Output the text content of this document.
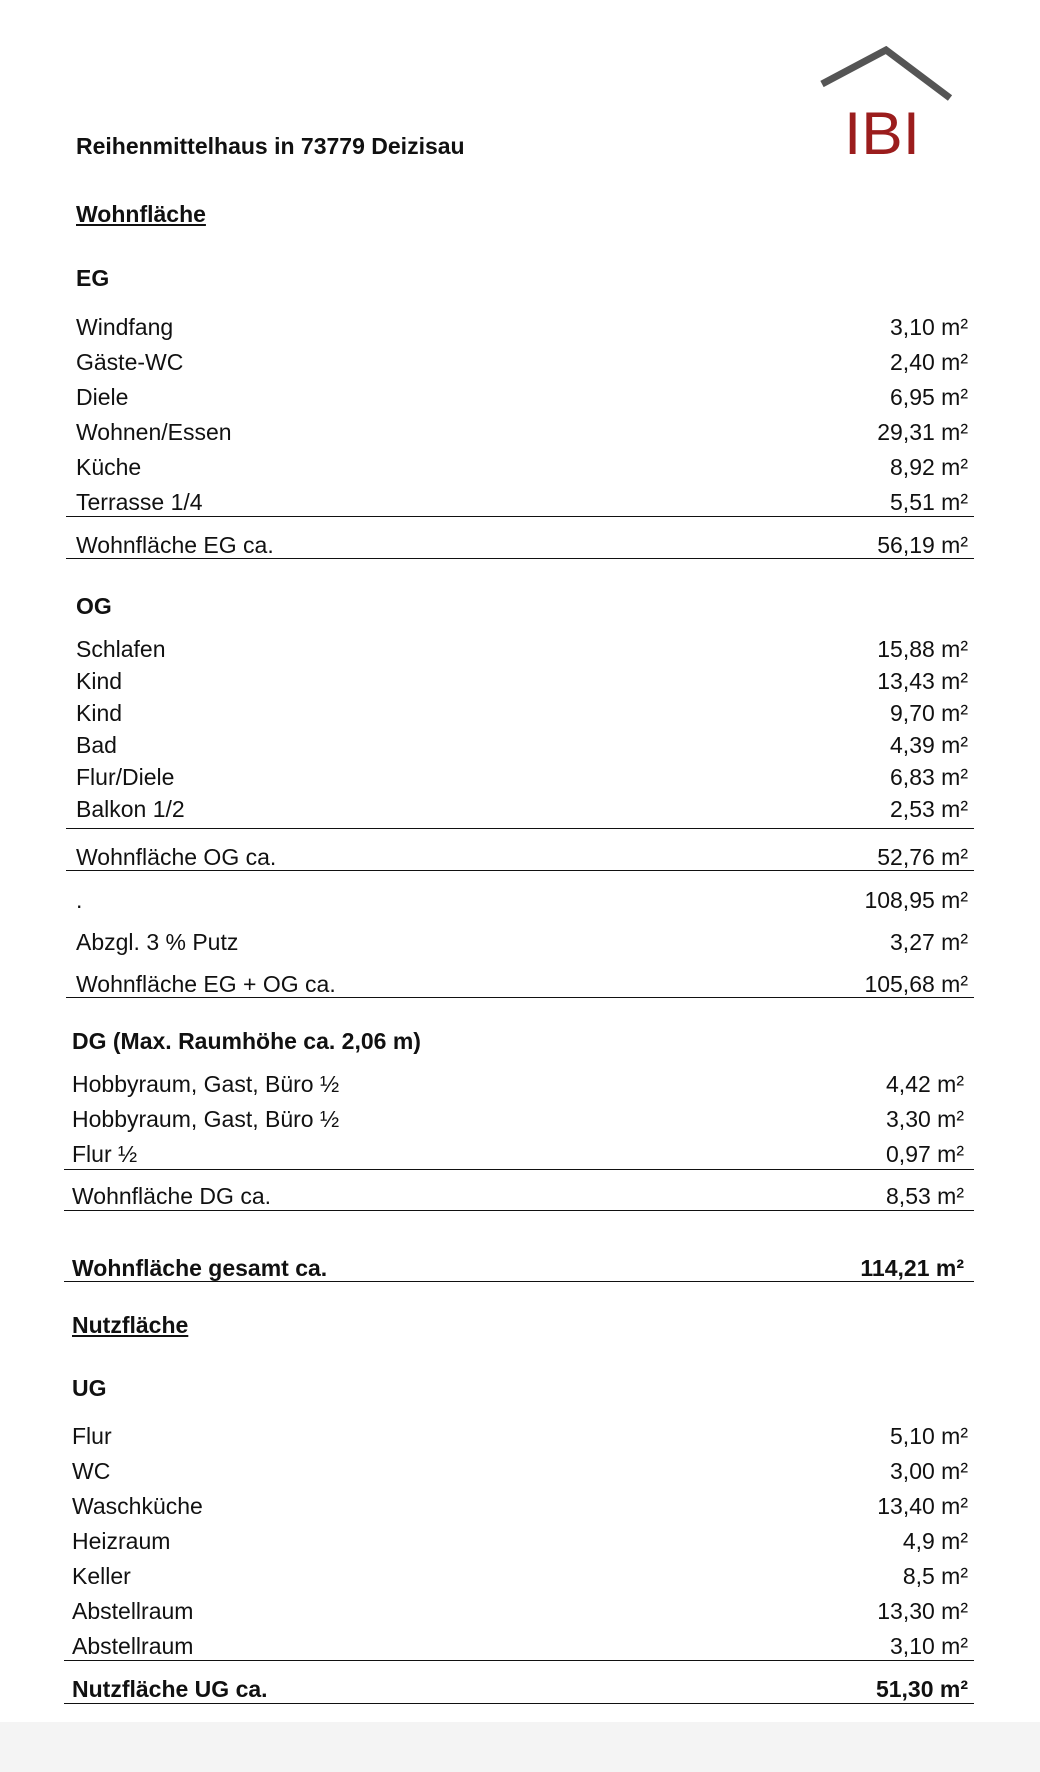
IBI
Reihenmittelhaus in 73779 Deizisau
Wohnfläche
EG
Windfang	3,10 m²
Gäste-WC	2,40 m²
Diele	6,95 m²
Wohnen/Essen	29,31 m²
Küche	8,92 m²
Terrasse 1/4	5,51 m²
Wohnfläche EG ca.	56,19 m²
OG
Schlafen	15,88 m²
Kind	13,43 m²
Kind	9,70 m²
Bad	4,39 m²
Flur/Diele	6,83 m²
Balkon 1/2	2,53 m²
Wohnfläche OG ca.	52,76 m²
.	108,95 m²
Abzgl. 3 % Putz	3,27 m²
Wohnfläche EG + OG ca.	105,68 m²
DG (Max. Raumhöhe ca. 2,06 m)
Hobbyraum, Gast, Büro ½	4,42 m²
Hobbyraum, Gast, Büro ½	3,30 m²
Flur ½	0,97 m²
Wohnfläche DG ca.	8,53 m²
Wohnfläche gesamt ca.	114,21 m²
Nutzfläche
UG
Flur	5,10 m²
WC	3,00 m²
Waschküche	13,40 m²
Heizraum	4,9 m²
Keller	8,5 m²
Abstellraum	13,30 m²
Abstellraum	3,10 m²
Nutzfläche UG ca.	51,30 m²
